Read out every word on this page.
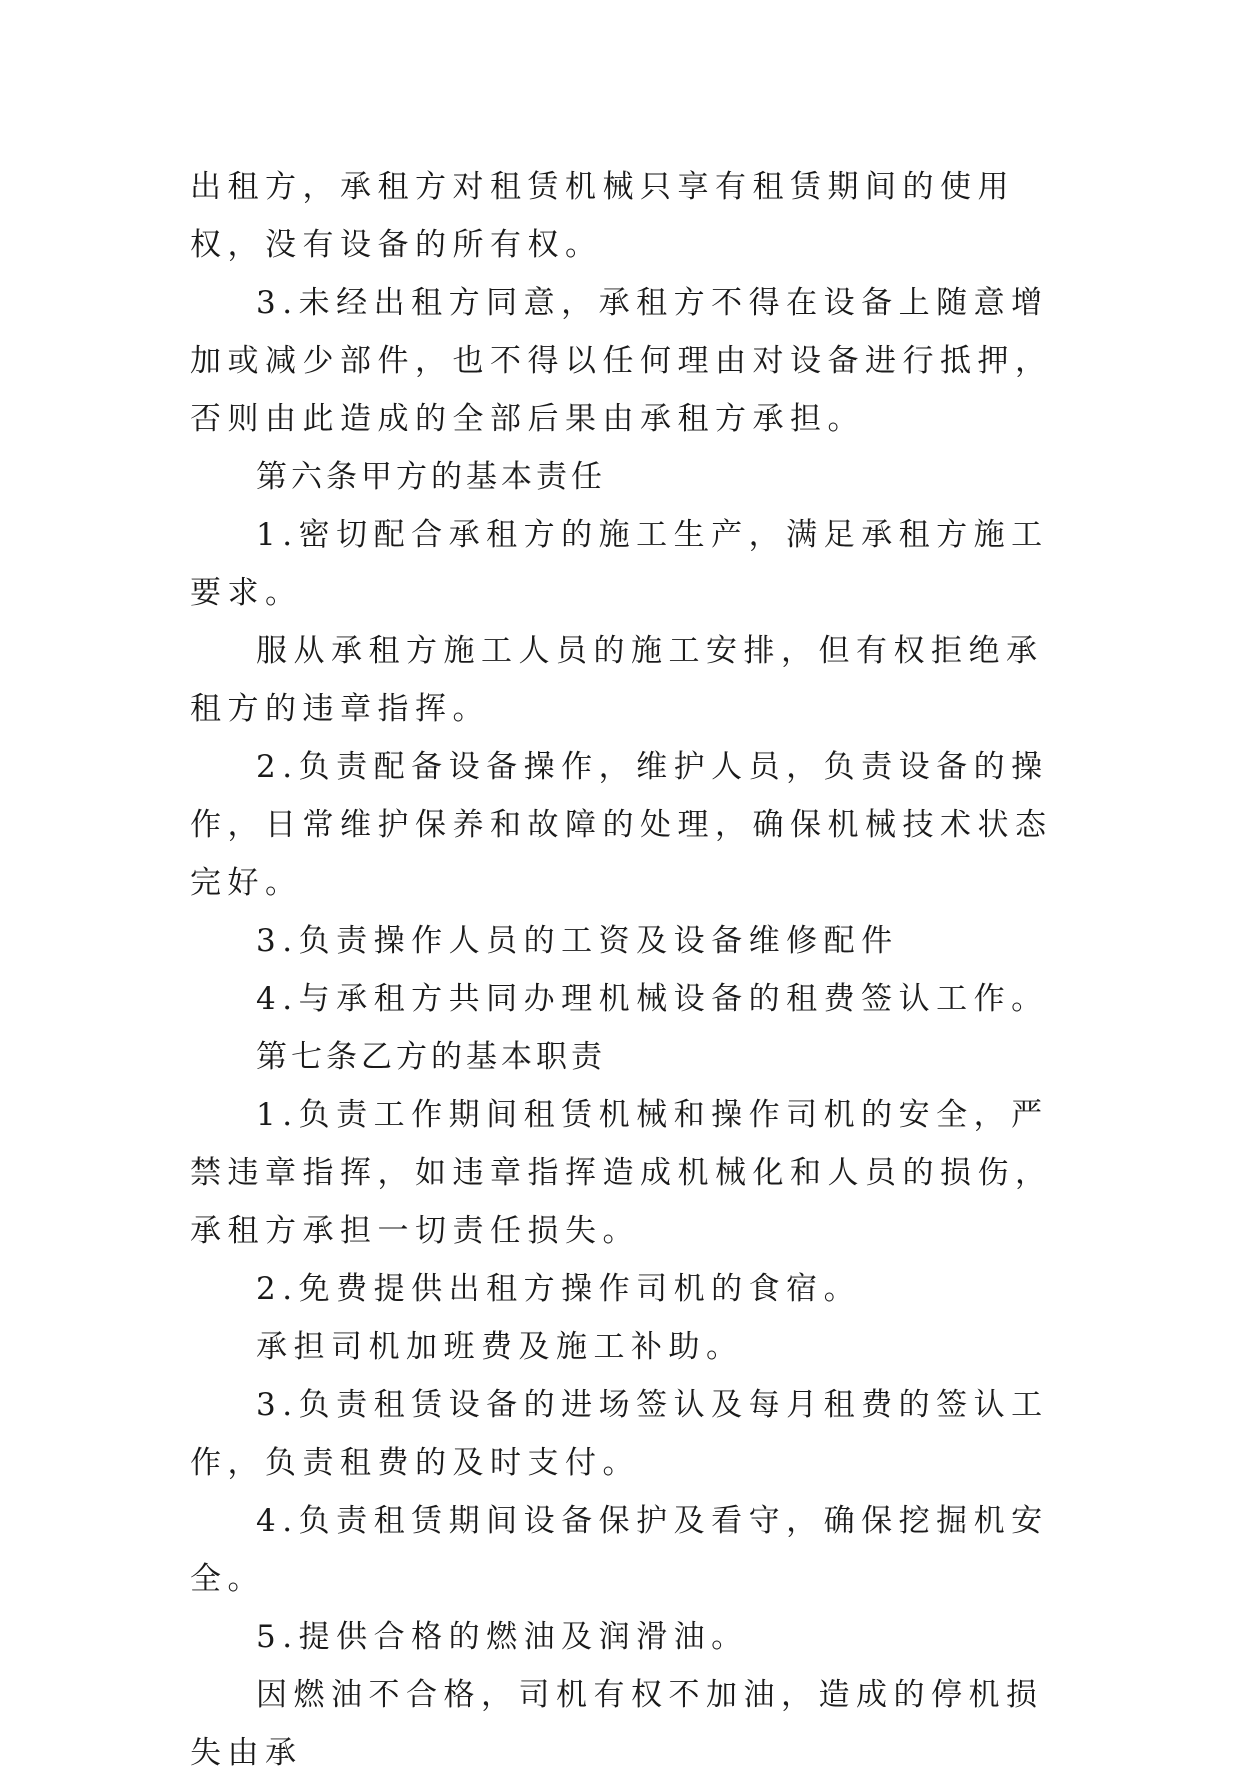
出租方，承租方对租赁机械只享有租赁期间的使用权，没有设备的所有权。

3.未经出租方同意，承租方不得在设备上随意增加或减少部件，也不得以任何理由对设备进行抵押，否则由此造成的全部后果由承租方承担。

第六条甲方的基本责任

1.密切配合承租方的施工生产，满足承租方施工要求。

服从承租方施工人员的施工安排，但有权拒绝承租方的违章指挥。

2.负责配备设备操作，维护人员，负责设备的操作，日常维护保养和故障的处理，确保机械技术状态完好。

3.负责操作人员的工资及设备维修配件

4.与承租方共同办理机械设备的租费签认工作。

第七条乙方的基本职责

1.负责工作期间租赁机械和操作司机的安全，严禁违章指挥，如违章指挥造成机械化和人员的损伤，承租方承担一切责任损失。

2.免费提供出租方操作司机的食宿。

承担司机加班费及施工补助。

3.负责租赁设备的进场签认及每月租费的签认工作，负责租费的及时支付。

4.负责租赁期间设备保护及看守，确保挖掘机安全。

5.提供合格的燃油及润滑油。

因燃油不合格，司机有权不加油，造成的停机损失由承
